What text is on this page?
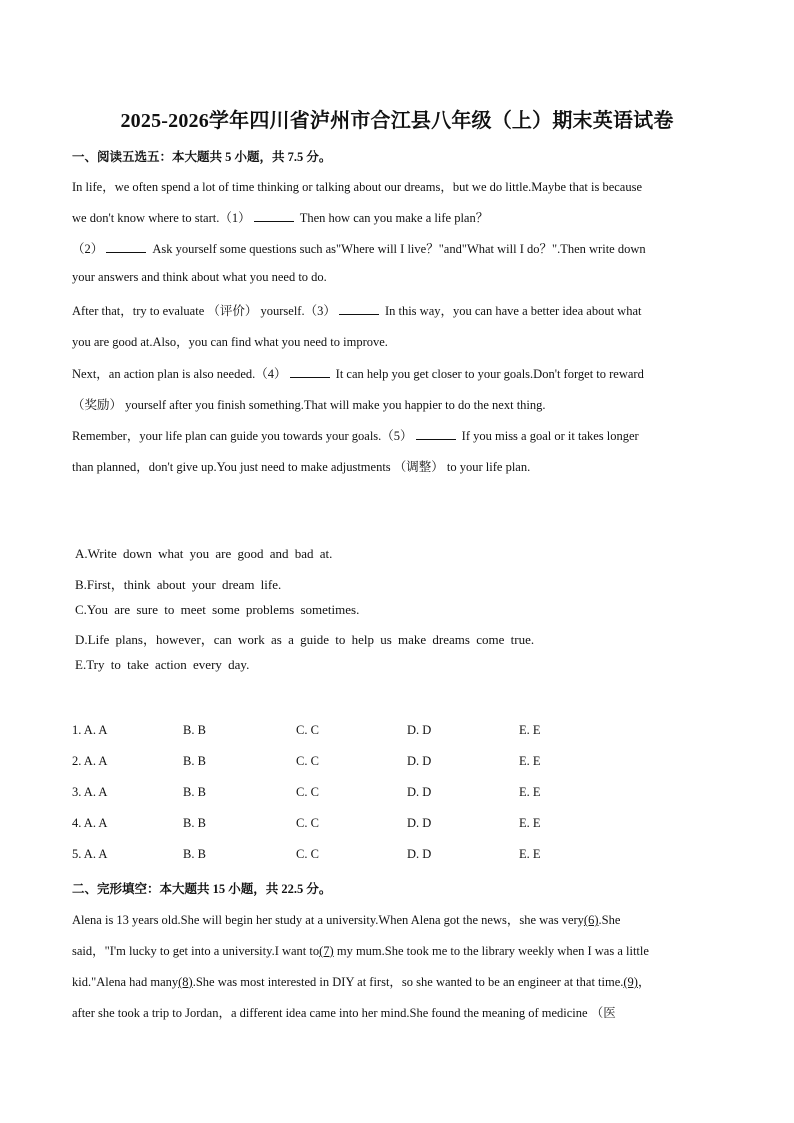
2025-2026学年四川省泸州市合江县八年级（上）期末英语试卷
一、阅读五选五：本大题共 5 小题，共 7.5 分。
In life，we often spend a lot of time thinking or talking about our dreams，but we do little.Maybe that is because
we don't know where to start.（1）	Then how can you make a life plan？
（2）	Ask yourself some questions such as"Where will I live？"and"What will I do？".Then write down
your answers and think about what you need to do.
After that，try to evaluate （评价） yourself.（3）	In this way，you can have a better idea about what
you are good at.Also，you can find what you need to improve.
Next，an action plan is also needed.（4）	It can help you get closer to your goals.Don't forget to reward
（奖励） yourself after you finish something.That will make you happier to do the next thing.
Remember，your life plan can guide you towards your goals.（5）	If you miss a goal or it takes longer
than planned，don't give up.You just need to make adjustments （调整） to your life plan.
A.Write down what you are good and bad at.
B.First，think about your dream life.
C.You are sure to meet some problems sometimes.
D.Life plans，however，can work as a guide to help us make dreams come true.
E.Try to take action every day.
1. A. A	B. B	C. C	D. D	E. E
2. A. A	B. B	C. C	D. D	E. E
3. A. A	B. B	C. C	D. D	E. E
4. A. A	B. B	C. C	D. D	E. E
5. A. A	B. B	C. C	D. D	E. E
二、完形填空：本大题共 15 小题，共 22.5 分。
Alena is 13 years old.She will begin her study at a university.When Alena got the news，she was very(6).She
said，"I'm lucky to get into a university.I want to(7) my mum.She took me to the library weekly when I was a little
kid."Alena had many(8).She was most interested in DIY at first，so she wanted to be an engineer at that time.(9)，
after she took a trip to Jordan，a different idea came into her mind.She found the meaning of medicine （医
